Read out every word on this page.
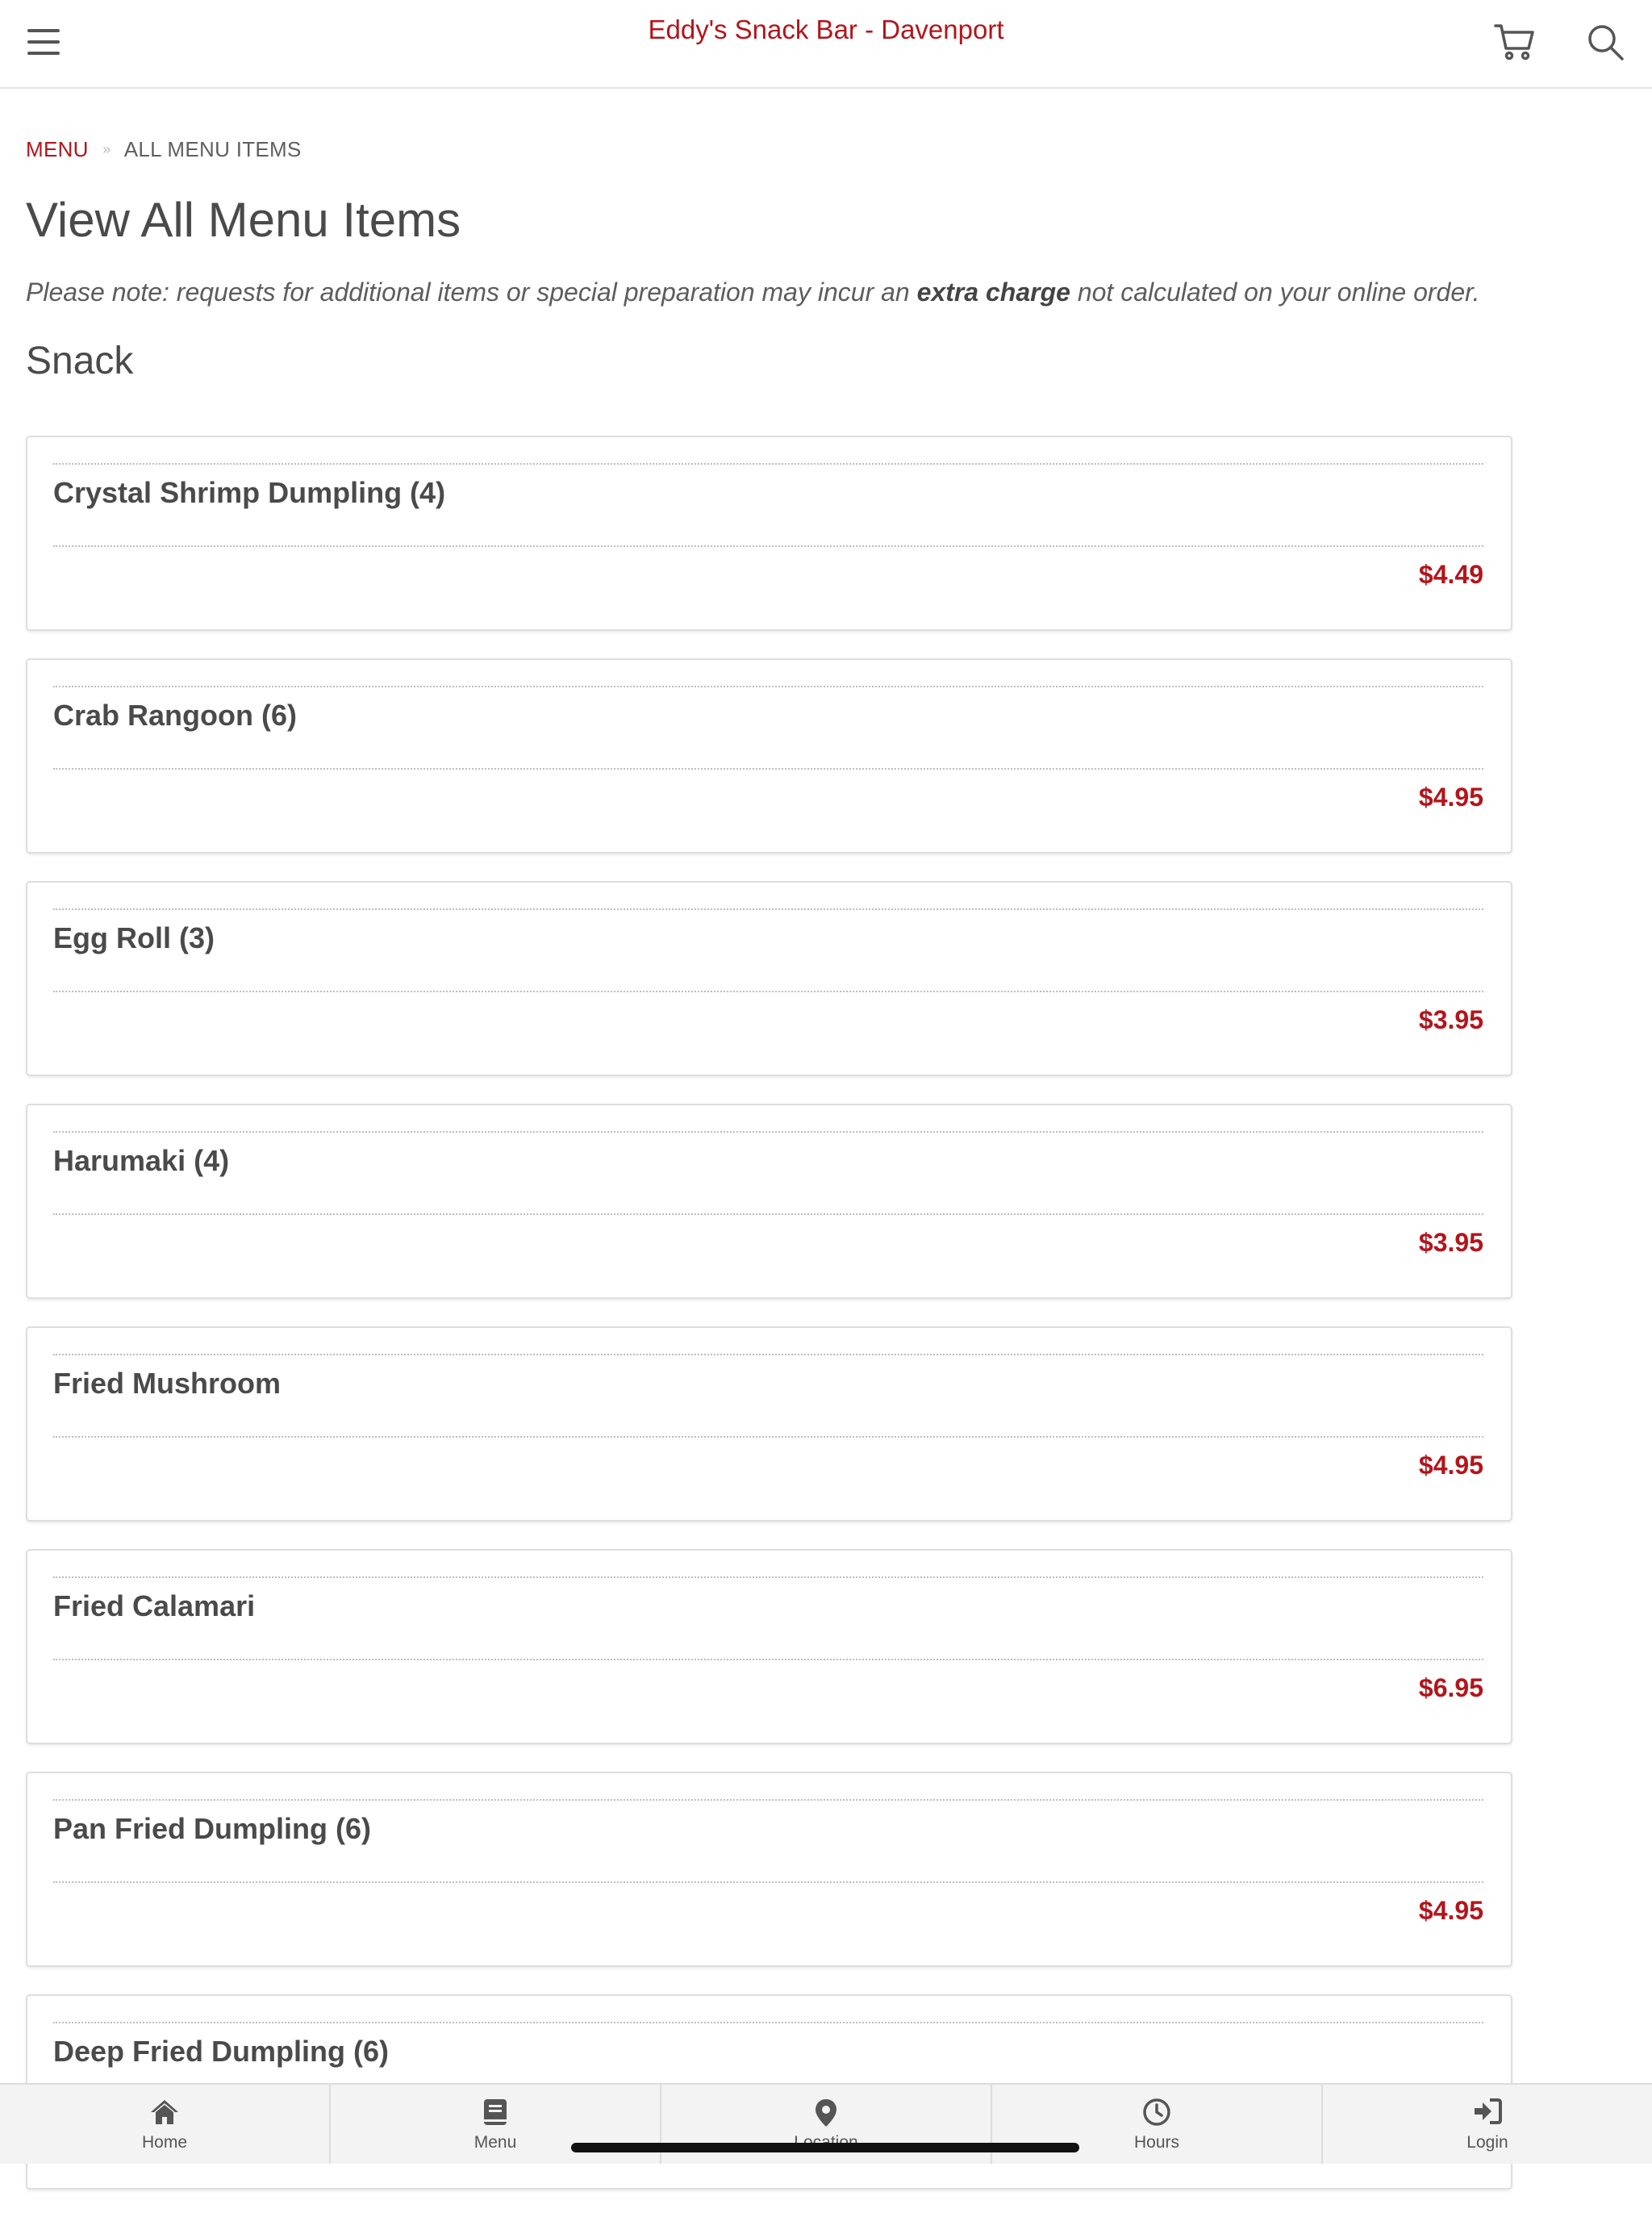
Eddy's Snack Bar - Davenport
MENU » ALL MENU ITEMS
View All Menu Items
Please note: requests for additional items or special preparation may incur an extra charge not calculated on your online order.
Snack
Crystal Shrimp Dumpling (4)
$4.49
Crab Rangoon (6)
$4.95
Egg Roll (3)
$3.95
Harumaki (4)
$3.95
Fried Mushroom
$4.95
Fried Calamari
$6.95
Pan Fried Dumpling (6)
$4.95
Deep Fried Dumpling (6)
Home	Menu	Hours	Login
